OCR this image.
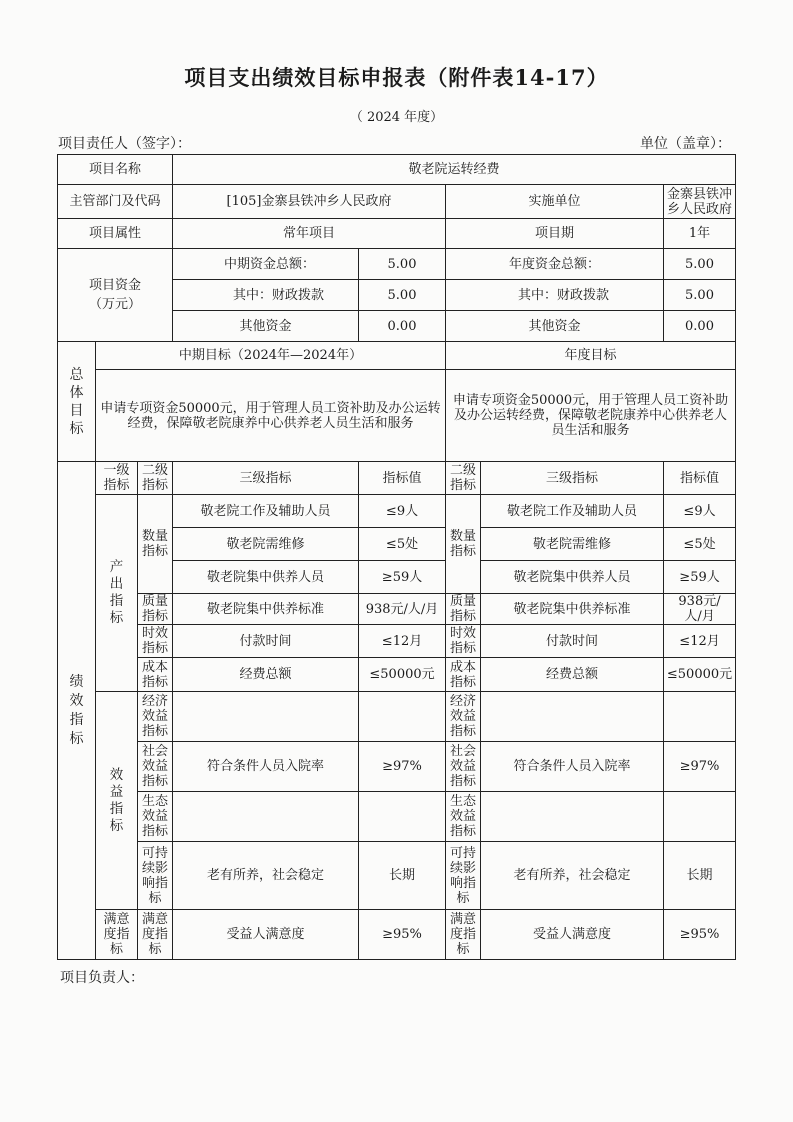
项目支出绩效目标申报表（附件表14-17）
（ 2024 年度）
项目责任人（签字）：	单位（盖章）：
项目名称			敬老院运转经费				
主管部门及代码			[105]金寨县铁冲乡人民政府		实施单位		金寨县铁冲乡人民政府
项目属性			常年项目		项目期		1年
项目资金（万元）			中期资金总额：	5.00	年度资金总额：		5.00
			其中：财政拨款	5.00	其中：财政拨款		5.00
			其他资金	0.00	其他资金		0.00
总体目标	中期目标（2024年—2024年）				年度目标		
	申请专项资金50000元，用于管理人员工资补助及办公运转经费，保障敬老院康养中心供养老人员生活和服务				申请专项资金50000元，用于管理人员工资补助及办公运转经费，保障敬老院康养中心供养老人员生活和服务		
绩效指标	一级指标	二级指标	三级指标	指标值	二级指标	三级指标	指标值
	产出指标	数量指标	敬老院工作及辅助人员	≤9人	数量指标	敬老院工作及辅助人员	≤9人
			敬老院需维修	≤5处		敬老院需维修	≤5处
			敬老院集中供养人员	≥59人		敬老院集中供养人员	≥59人
		质量指标	敬老院集中供养标准	938元/人/月	质量指标	敬老院集中供养标准	938元/人/月
		时效指标	付款时间	≤12月	时效指标	付款时间	≤12月
		成本指标	经费总额	≤50000元	成本指标	经费总额	≤50000元
	效益指标	经济效益指标			经济效益指标		
		社会效益指标	符合条件人员入院率	≥97%	社会效益指标	符合条件人员入院率	≥97%
		生态效益指标			生态效益指标		
		可持续影响指标	老有所养，社会稳定	长期	可持续影响指标	老有所养，社会稳定	长期
	满意度指标	满意度指标	受益人满意度	≥95%	满意度指标	受益人满意度	≥95%
项目负责人：
